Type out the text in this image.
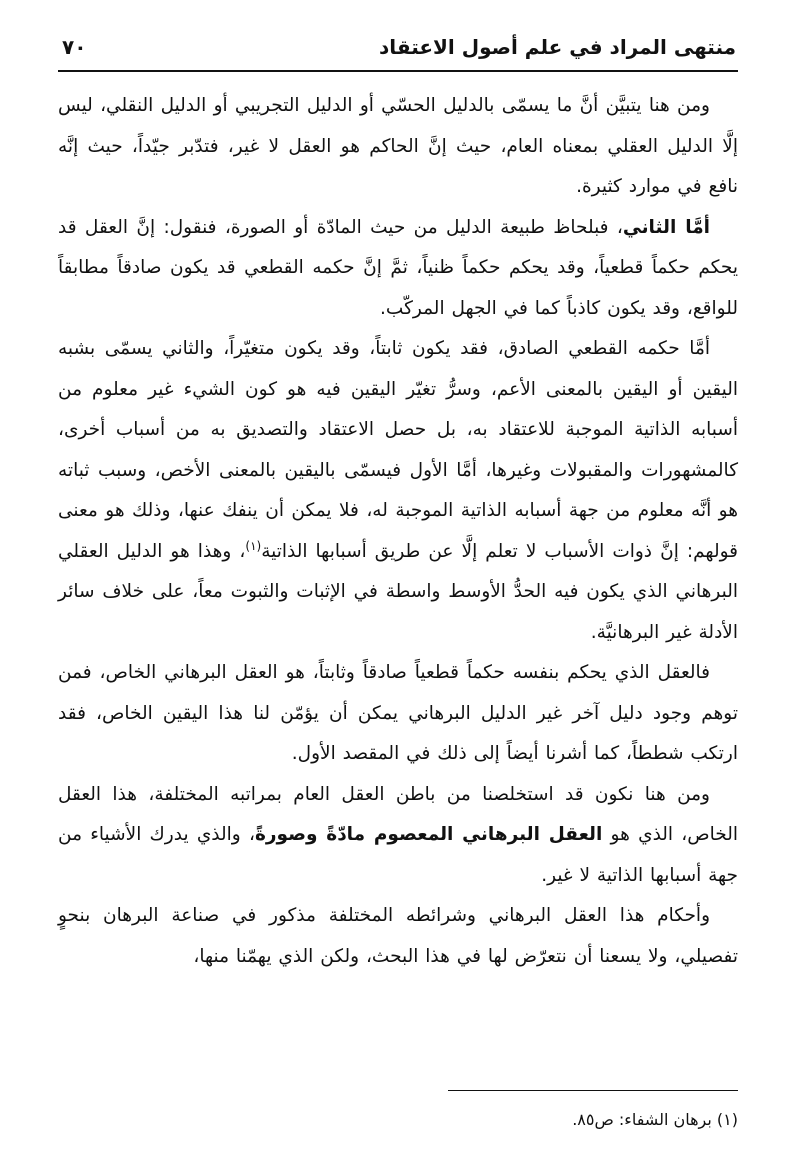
منتهى المراد في علم أصول الاعتقاد
٧٠

ومن هنا يتبيَّن أنَّ ما يسمّى بالدليل الحسّي أو الدليل التجريبي أو الدليل النقلي، ليس إلَّا الدليل العقلي بمعناه العام، حيث إنَّ الحاكم هو العقل لا غير، فتدّبر جيّداً، حيث إنَّه نافع في موارد كثيرة.

أمَّا الثاني، فبلحاظ طبيعة الدليل من حيث المادّة أو الصورة، فنقول: إنَّ العقل قد يحكم حكماً قطعياً، وقد يحكم حكماً ظنياً، ثمَّ إنَّ حكمه القطعي قد يكون صادقاً مطابقاً للواقع، وقد يكون كاذباً كما في الجهل المركّب.

أمَّا حكمه القطعي الصادق، فقد يكون ثابتاً، وقد يكون متغيّراً، والثاني يسمّى بشبه اليقين أو اليقين بالمعنى الأعم، وسرُّ تغيّر اليقين فيه هو كون الشيء غير معلوم من أسبابه الذاتية الموجبة للاعتقاد به، بل حصل الاعتقاد والتصديق به من أسباب أخرى، كالمشهورات والمقبولات وغيرها، أمَّا الأول فيسمّى باليقين بالمعنى الأخص، وسبب ثباته هو أنَّه معلوم من جهة أسبابه الذاتية الموجبة له، فلا يمكن أن ينفك عنها، وذلك هو معنى قولهم: إنَّ ذوات الأسباب لا تعلم إلَّا عن طريق أسبابها الذاتية$^{(١)}$، وهذا هو الدليل العقلي البرهاني الذي يكون فيه الحدُّ الأوسط واسطة في الإثبات والثبوت معاً، على خلاف سائر الأدلة غير البرهانيَّة.

فالعقل الذي يحكم بنفسه حكماً قطعياً صادقاً وثابتاً، هو العقل البرهاني الخاص، فمن توهم وجود دليل آخر غير الدليل البرهاني يمكن أن يؤمّن لنا هذا اليقين الخاص، فقد ارتكب شططاً، كما أشرنا أيضاً إلى ذلك في المقصد الأول.

ومن هنا نكون قد استخلصنا من باطن العقل العام بمراتبه المختلفة، هذا العقل الخاص، الذي هو العقل البرهاني المعصوم مادّةً وصورةً، والذي يدرك الأشياء من جهة أسبابها الذاتية لا غير.

وأحكام هذا العقل البرهاني وشرائطه المختلفة مذكور في صناعة البرهان بنحوٍ تفصيلي، ولا يسعنا أن نتعرّض لها في هذا البحث، ولكن الذي يهمّنا منها،

(١) برهان الشفاء: ص٨٥.
